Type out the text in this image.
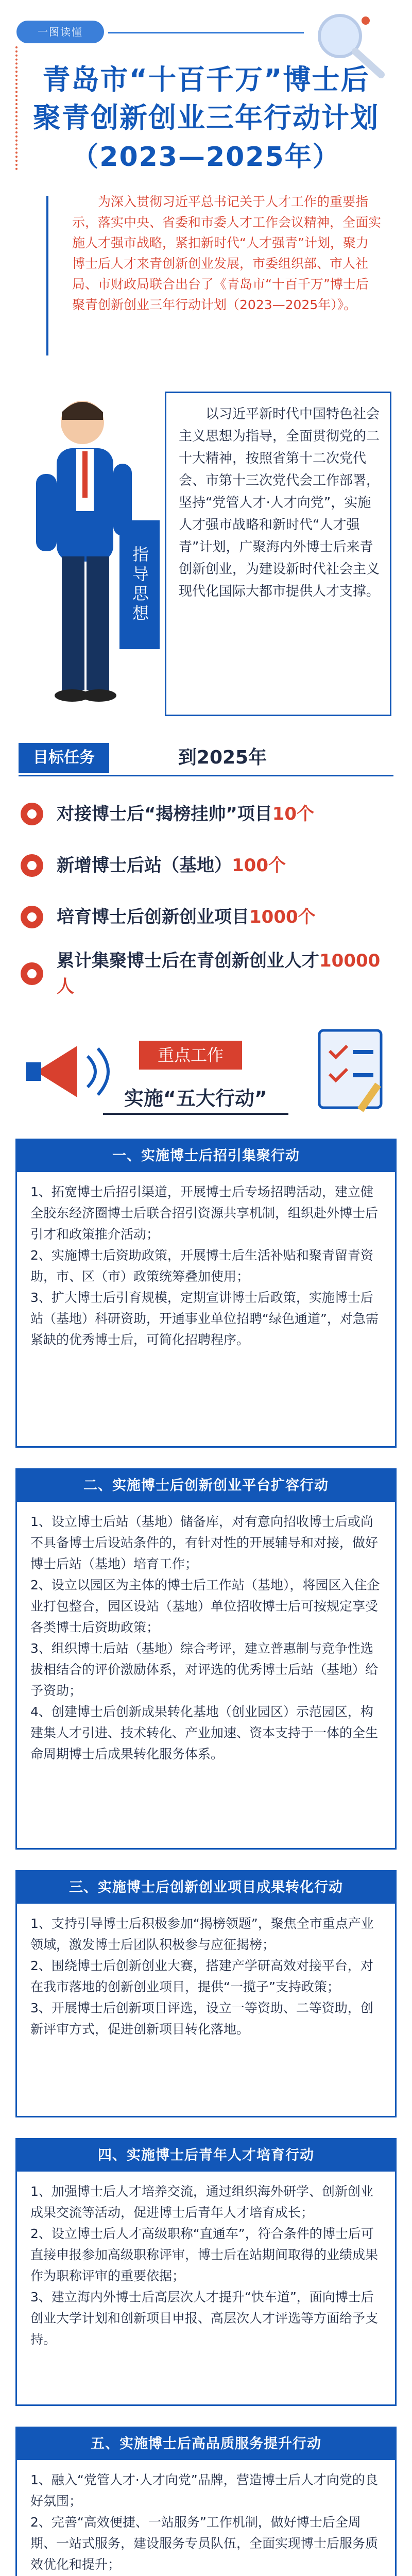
一图读懂
青岛市“十百千万”博士后
聚青创新创业三年行动计划
（2023—2025年）
为深入贯彻习近平总书记关于人才工作的重要指示，落实中央、省委和市委人才工作会议精神，全面实施人才强市战略，紧扣新时代“人才强青”计划，聚力博士后人才来青创新创业发展，市委组织部、市人社局、市财政局联合出台了《青岛市“十百千万”博士后聚青创新创业三年行动计划（2023—2025年）》。
以习近平新时代中国特色社会主义思想为指导，全面贯彻党的二十大精神，按照省第十二次党代会、市第十三次党代会工作部署，坚持“党管人才·人才向党”，实施人才强市战略和新时代“人才强青”计划，广聚海内外博士后来青创新创业，为建设新时代社会主义现代化国际大都市提供人才支撑。
指导思想
目标任务	到2025年
对接博士后“揭榜挂帅”项目10个
新增博士后站（基地）100个
培育博士后创新创业项目1000个
累计集聚博士后在青创新创业人才10000人
重点工作
实施“五大行动”
一、实施博士后招引集聚行动

1、拓宽博士后招引渠道，开展博士后专场招聘活动，建立健全胶东经济圈博士后联合招引资源共享机制，组织赴外博士后引才和政策推介活动；

2、实施博士后资助政策，开展博士后生活补贴和聚青留青资助，市、区（市）政策统筹叠加使用；

3、扩大博士后引育规模，定期宣讲博士后政策，实施博士后站（基地）科研资助，开通事业单位招聘“绿色通道”，对急需紧缺的优秀博士后，可简化招聘程序。

二、实施博士后创新创业平台扩容行动

1、设立博士后站（基地）储备库，对有意向招收博士后或尚不具备博士后设站条件的，有针对性的开展辅导和对接，做好博士后站（基地）培育工作；

2、设立以园区为主体的博士后工作站（基地），将园区入住企业打包整合，园区设站（基地）单位招收博士后可按规定享受各类博士后资助政策；

3、组织博士后站（基地）综合考评，建立普惠制与竞争性选拔相结合的评价激励体系，对评选的优秀博士后站（基地）给予资助；

4、创建博士后创新成果转化基地（创业园区）示范园区，构建集人才引进、技术转化、产业加速、资本支持于一体的全生命周期博士后成果转化服务体系。

三、实施博士后创新创业项目成果转化行动

1、支持引导博士后积极参加“揭榜领题”，聚焦全市重点产业领域，激发博士后团队积极参与应征揭榜；

2、围绕博士后创新创业大赛，搭建产学研高效对接平台，对在我市落地的创新创业项目，提供“一揽子”支持政策；

3、开展博士后创新项目评选，设立一等资助、二等资助，创新评审方式，促进创新项目转化落地。

四、实施博士后青年人才培育行动

1、加强博士后人才培养交流，通过组织海外研学、创新创业成果交流等活动，促进博士后青年人才培育成长；

2、设立博士后人才高级职称“直通车”，符合条件的博士后可直接申报参加高级职称评审，博士后在站期间取得的业绩成果作为职称评审的重要依据；

3、建立海内外博士后高层次人才提升“快车道”，面向博士后创业大学计划和创新项目申报、高层次人才评选等方面给予支持。

五、实施博士后高品质服务提升行动

1、融入“党管人才·人才向党”品牌，营造博士后人才向党的良好氛围；

2、完善“高效便捷、一站服务”工作机制，做好博士后全周期、一站式服务，建设服务专员队伍，全面实现博士后服务质效优化和提升；
